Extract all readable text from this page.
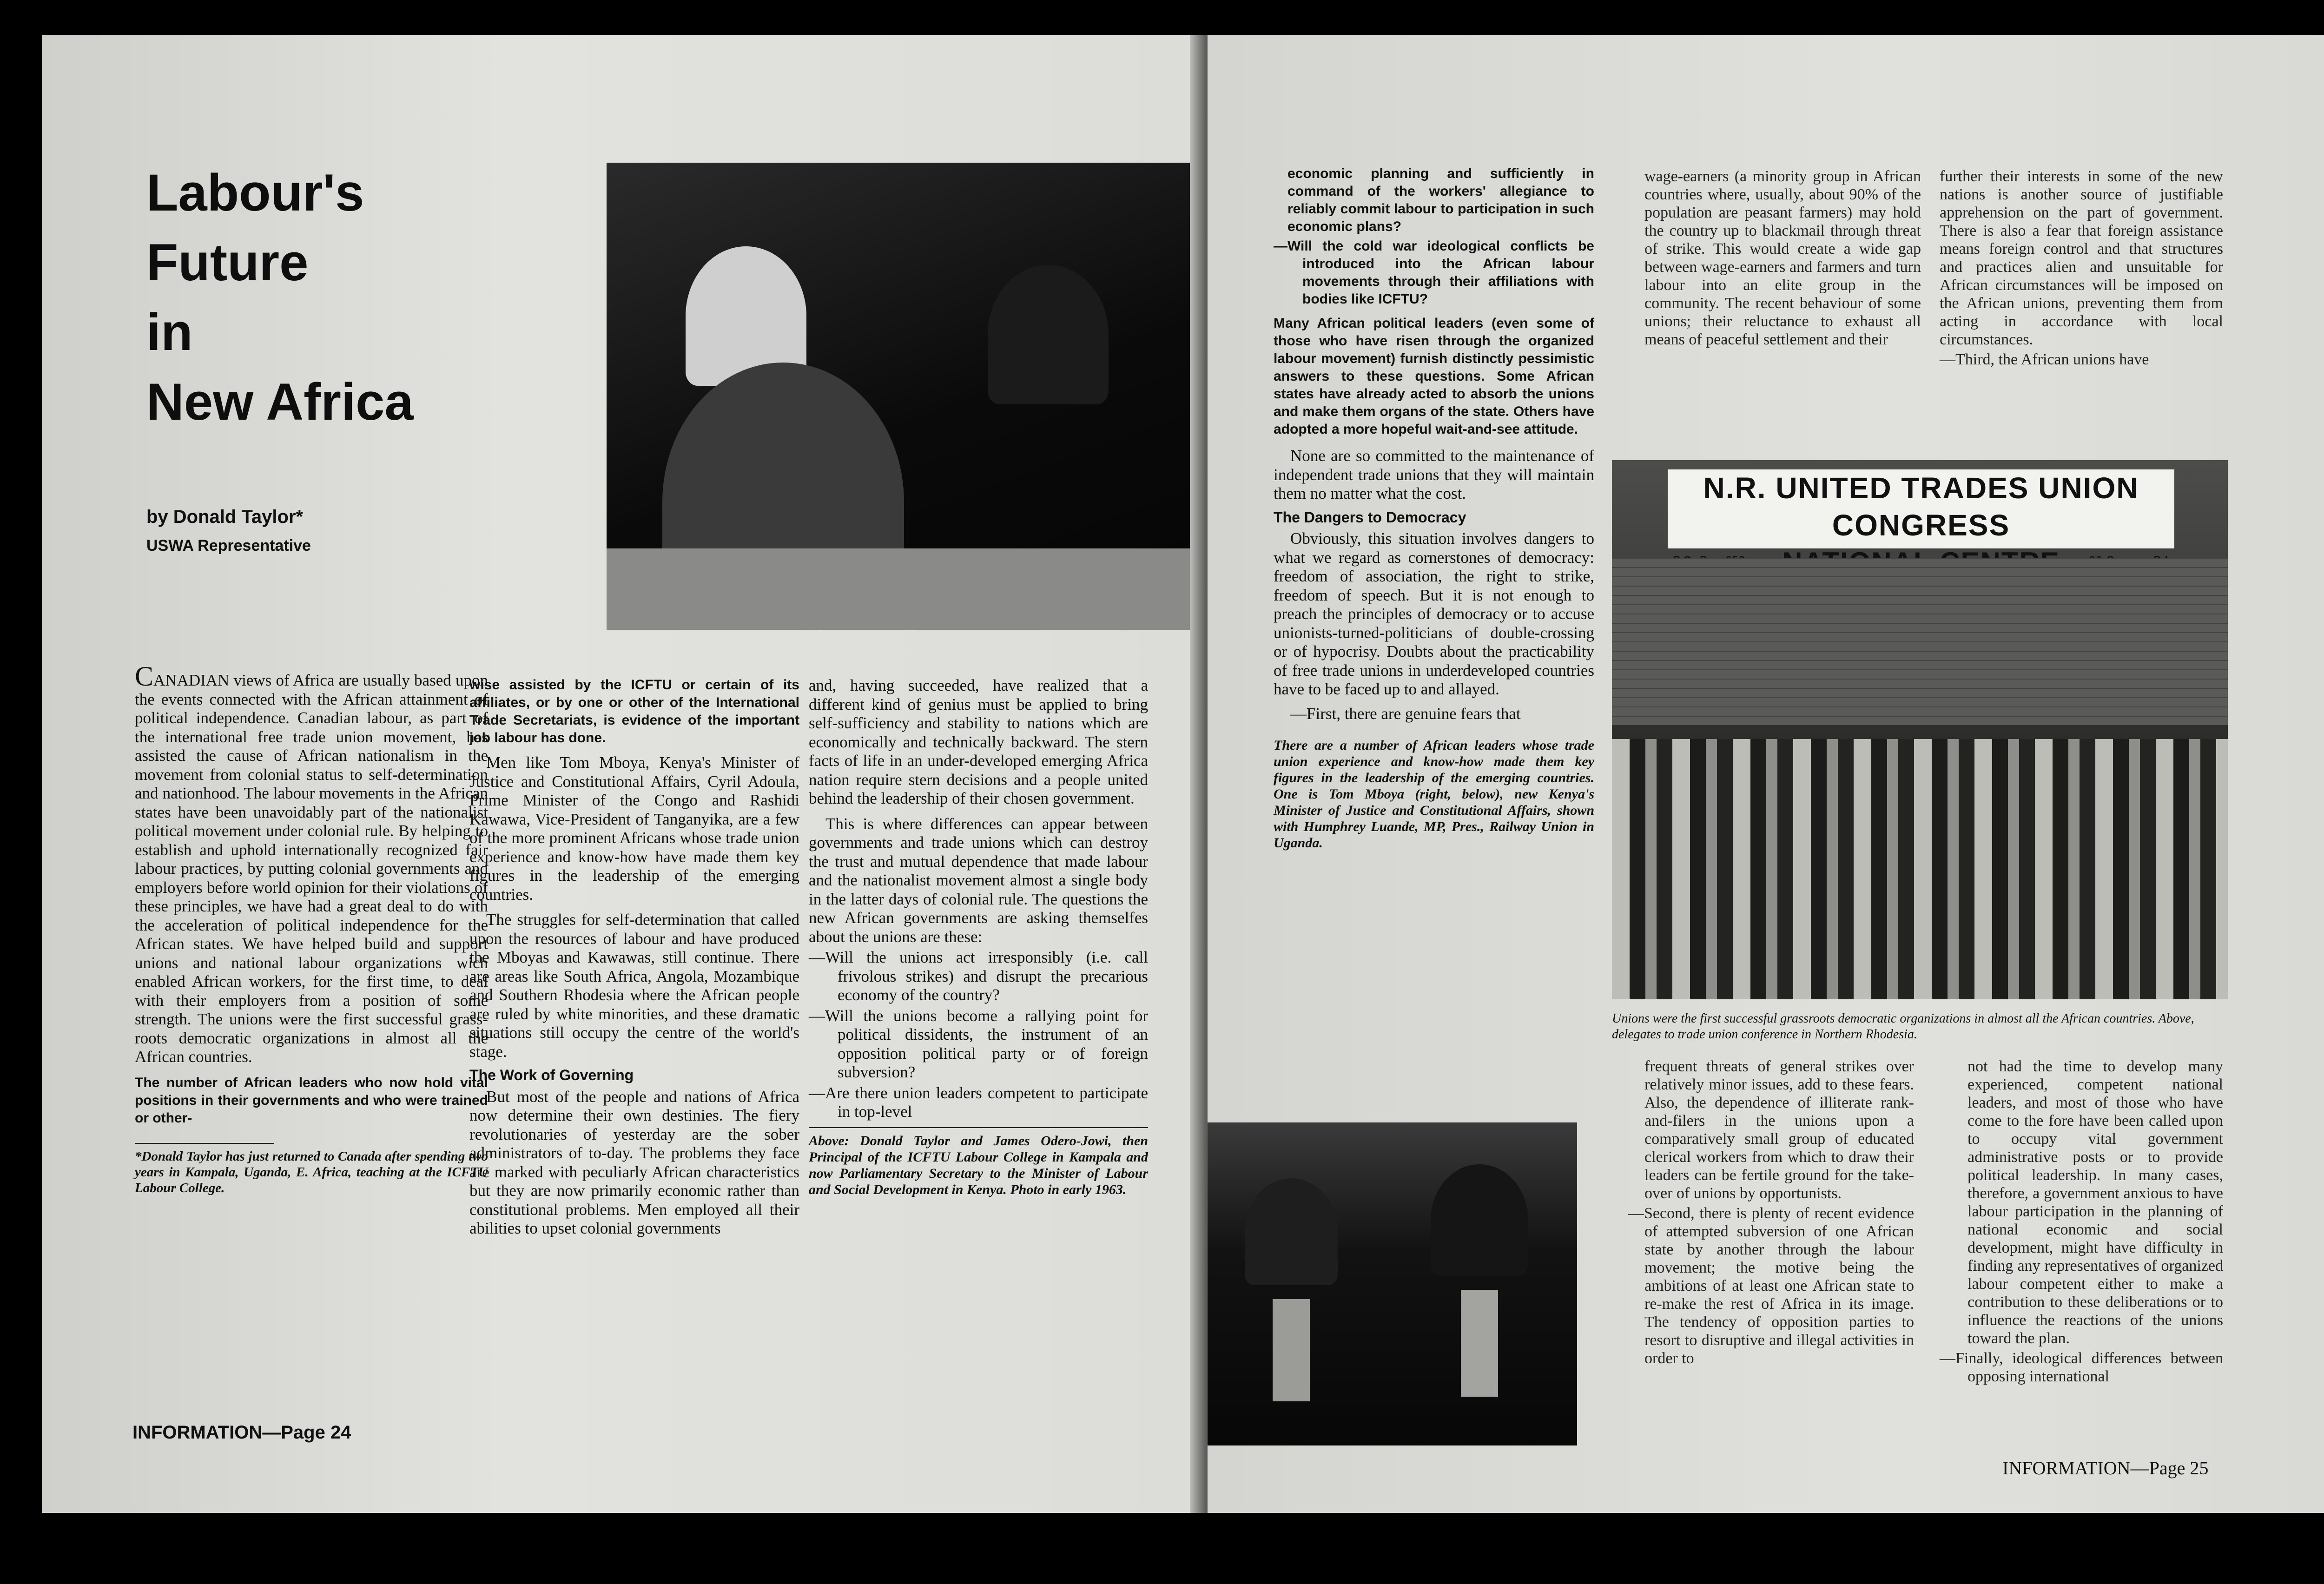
Labour's
Future
in
New Africa
by Donald Taylor*
USWA Representative

CANADIAN views of Africa are usually based upon the events connected with the African attainment of political independence. Canadian labour, as part of the international free trade union movement, has assisted the cause of African nationalism in the movement from colonial status to self-determination and nationhood. The labour movements in the African states have been unavoidably part of the nationalist political movement under colonial rule. By helping to establish and uphold internationally recognized fair labour practices, by putting colonial governments and employers before world opinion for their violations of these principles, we have had a great deal to do with the acceleration of political independence for the African states. We have helped build and support unions and national labour organizations wich enabled African workers, for the first time, to deal with their employers from a position of some strength. The unions were the first successful grass-roots democratic organizations in almost all the African countries.

The number of African leaders who now hold vital positions in their governments and who were trained or other-

*Donald Taylor has just returned to Canada after spending two years in Kampala, Uganda, E. Africa, teaching at the ICFTU Labour College.

wise assisted by the ICFTU or certain of its affiliates, or by one or other of the International Trade Secretariats, is evidence of the important job labour has done.

Men like Tom Mboya, Kenya's Minister of Justice and Constitutional Affairs, Cyril Adoula, Prime Minister of the Congo and Rashidi Kawawa, Vice-President of Tanganyika, are a few of the more prominent Africans whose trade union experience and know-how have made them key figures in the leadership of the emerging countries.

The struggles for self-determination that called upon the resources of labour and have produced the Mboyas and Kawawas, still continue. There are areas like South Africa, Angola, Mozambique and Southern Rhodesia where the African people are ruled by white minorities, and these dramatic situations still occupy the centre of the world's stage.

The Work of Governing

But most of the people and nations of Africa now determine their own destinies. The fiery revolutionaries of yesterday are the sober administrators of to-day. The problems they face are marked with peculiarly African characteristics but they are now primarily economic rather than constitutional problems. Men employed all their abilities to upset colonial governments

and, having succeeded, have realized that a different kind of genius must be applied to bring self-sufficiency and stability to nations which are economically and technically backward. The stern facts of life in an under-developed emerging Africa nation require stern decisions and a people united behind the leadership of their chosen government.

This is where differences can appear between governments and trade unions which can destroy the trust and mutual dependence that made labour and the nationalist movement almost a single body in the latter days of colonial rule. The questions the new African governments are asking themselfes about the unions are these:

—Will the unions act irresponsibly (i.e. call frivolous strikes) and disrupt the precarious economy of the country?
—Will the unions become a rallying point for political dissidents, the instrument of an opposition political party or of foreign subversion?
—Are there union leaders competent to participate in top-level
Above: Donald Taylor and James Odero-Jowi, then Principal of the ICFTU Labour College in Kampala and now Parliamentary Secretary to the Minister of Labour and Social Development in Kenya. Photo in early 1963.
INFORMATION—Page 24

economic planning and sufficiently in command of the workers' allegiance to reliably commit labour to participation in such economic plans?

—Will the cold war ideological conflicts be introduced into the African labour movements through their affiliations with bodies like ICFTU?

Many African political leaders (even some of those who have risen through the organized labour movement) furnish distinctly pessimistic answers to these questions. Some African states have already acted to absorb the unions and make them organs of the state. Others have adopted a more hopeful wait-and-see attitude.

None are so committed to the maintenance of independent trade unions that they will maintain them no matter what the cost.

The Dangers to Democracy

Obviously, this situation involves dangers to what we regard as cornerstones of democracy: freedom of association, the right to strike, freedom of speech. But it is not enough to preach the principles of democracy or to accuse unionists-turned-politicians of double-crossing or of hypocrisy. Doubts about the practicability of free trade unions in underdeveloped countries have to be faced up to and allayed.

—First, there are genuine fears that

There are a number of African leaders whose trade union experience and know-how made them key figures in the leadership of the emerging countries. One is Tom Mboya (right, below), new Kenya's Minister of Justice and Constitutional Affairs, shown with Humphrey Luande, MP, Pres., Railway Union in Uganda.

wage-earners (a minority group in African countries where, usually, about 90% of the population are peasant farmers) may hold the country up to blackmail through threat of strike. This would create a wide gap between wage-earners and farmers and turn labour into an elite group in the community. The recent behaviour of some unions; their reluctance to exhaust all means of peaceful settlement and their

further their interests in some of the new nations is another source of justifiable apprehension on the part of government. There is also a fear that foreign assistance means foreign control and that structures and practices alien and unsuitable for African circumstances will be imposed on the African unions, preventing them from acting in accordance with local circumstances.

—Third, the African unions have

N.R. UNITED TRADES UNION CONGRESS
Unions were the first successful grassroots democratic organizations in almost all the African countries. Above, delegates to trade union conference in Northern Rhodesia.

frequent threats of general strikes over relatively minor issues, add to these fears. Also, the dependence of illiterate rank-and-filers in the unions upon a comparatively small group of educated clerical workers from which to draw their leaders can be fertile ground for the take-over of unions by opportunists.

—Second, there is plenty of recent evidence of attempted subversion of one African state by another through the labour movement; the motive being the ambitions of at least one African state to re-make the rest of Africa in its image. The tendency of opposition parties to resort to disruptive and illegal activities in order to

not had the time to develop many experienced, competent national leaders, and most of those who have come to the fore have been called upon to occupy vital government administrative posts or to provide political leadership. In many cases, therefore, a government anxious to have labour participation in the planning of national economic and social development, might have difficulty in finding any representatives of organized labour competent either to make a contribution to these deliberations or to influence the reactions of the unions toward the plan.

—Finally, ideological differences between opposing international
INFORMATION—Page 25
